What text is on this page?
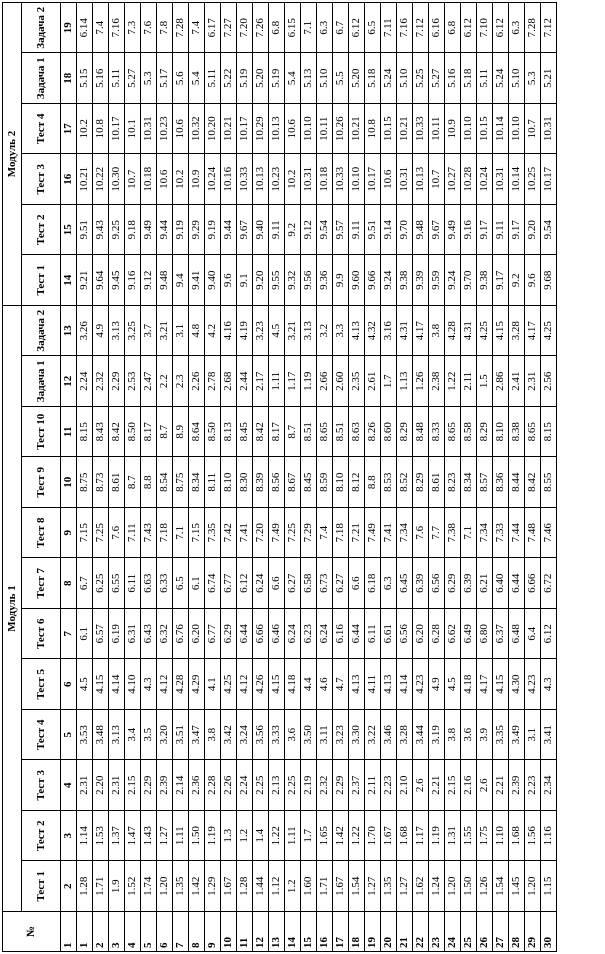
№	Модуль 1												Модуль 2					
	Тест 1	Тест 2	Тест 3	Тест 4	Тест 5	Тест 6	Тест 7	Тест 8	Тест 9	Тест 10	Задача 1	Задача 2	Тест 1	Тест 2	Тест 3	Тест 4	Задача 1	Задача 2
1	2	3	4	5	6	7	8	9	10	11	12	13	14	15	16	17	18	19
1	1.28	1.14	2.31	3.53	4.5	6.1	6.7	7.15	8.75	8.15	2.24	3.26	9.21	9.51	10.21	10.2	5.15	6.14
2	1.71	1.53	2.20	3.48	4.15	6.57	6.25	7.25	8.73	8.43	2.32	4.9	9.64	9.43	10.22	10.8	5.16	7.4
3	1.9	1.37	2.31	3.13	4.14	6.19	6.55	7.6	8.61	8.42	2.29	3.13	9.45	9.25	10.30	10.17	5.11	7.16
4	1.52	1.47	2.15	3.4	4.10	6.31	6.11	7.11	8.7	8.50	2.53	3.25	9.16	9.18	10.7	10.1	5.27	7.3
5	1.74	1.43	2.29	3.5	4.3	6.43	6.63	7.43	8.8	8.17	2.47	3.7	9.12	9.49	10.18	10.31	5.3	7.6
6	1.20	1.27	2.39	3.20	4.12	6.32	6.33	7.18	8.54	8.7	2.2	3.21	9.48	9.44	10.6	10.23	5.17	7.8
7	1.35	1.11	2.14	3.51	4.28	6.76	6.5	7.1	8.75	8.9	2.3	3.1	9.4	9.19	10.2	10.6	5.6	7.28
8	1.42	1.50	2.36	3.47	4.29	6.20	6.1	7.15	8.34	8.64	2.26	4.8	9.41	9.29	10.9	10.32	5.4	7.4
9	1.29	1.19	2.28	3.8	4.1	6.77	6.74	7.35	8.11	8.50	2.78	4.2	9.40	9.19	10.24	10.20	5.11	6.17
10	1.67	1.3	2.26	3.42	4.25	6.29	6.77	7.42	8.10	8.13	2.68	4.16	9.6	9.44	10.16	10.21	5.22	7.27
11	1.28	1.2	2.24	3.24	4.12	6.44	6.12	7.41	8.30	8.45	2.44	4.19	9.1	9.67	10.33	10.17	5.19	7.20
12	1.44	1.4	2.25	3.56	4.26	6.66	6.24	7.20	8.39	8.42	2.17	3.23	9.20	9.40	10.13	10.29	5.20	7.26
13	1.12	1.22	2.13	3.33	4.15	6.46	6.6	7.49	8.56	8.17	1.11	4.5	9.55	9.11	10.23	10.13	5.19	6.8
14	1.2	1.11	2.25	3.6	4.18	6.24	6.27	7.25	8.67	8.7	1.17	3.21	9.32	9.2	10.2	10.6	5.4	6.15
15	1.60	1.7	2.19	3.50	4.4	6.23	6.58	7.29	8.45	8.51	1.19	3.13	9.56	9.12	10.31	10.10	5.13	7.1
16	1.71	1.65	2.32	3.11	4.6	6.24	6.73	7.4	8.59	8.65	2.66	3.2	9.36	9.54	10.18	10.11	5.10	6.3
17	1.67	1.42	2.29	3.23	4.7	6.16	6.27	7.18	8.10	8.51	2.60	3.3	9.9	9.57	10.33	10.26	5.5	6.7
18	1.54	1.22	2.37	3.30	4.13	6.44	6.6	7.21	8.12	8.63	2.35	4.13	9.60	9.11	10.10	10.21	5.20	6.12
19	1.27	1.70	2.11	3.22	4.11	6.11	6.18	7.49	8.8	8.26	2.61	4.32	9.66	9.51	10.17	10.8	5.18	6.5
20	1.35	1.67	2.23	3.46	4.13	6.61	6.3	7.41	8.53	8.60	1.7	3.16	9.24	9.14	10.6	10.15	5.24	7.11
21	1.27	1.68	2.10	3.28	4.14	6.56	6.45	7.34	8.52	8.29	1.13	4.31	9.38	9.70	10.31	10.21	5.10	7.16
22	1.62	1.17	2.6	3.44	4.23	6.20	6.39	7.6	8.29	8.48	1.26	4.17	9.39	9.48	10.13	10.33	5.25	7.12
23	1.24	1.19	2.21	3.19	4.9	6.28	6.56	7.7	8.61	8.33	2.38	3.8	9.59	9.67	10.7	10.11	5.27	6.16
24	1.20	1.31	2.15	3.8	4.5	6.62	6.29	7.38	8.23	8.65	1.22	4.28	9.24	9.49	10.27	10.9	5.16	6.8
25	1.50	1.55	2.16	3.6	4.18	6.49	6.39	7.1	8.34	8.58	2.11	4.31	9.70	9.16	10.28	10.10	5.18	6.12
26	1.26	1.75	2.6	3.9	4.17	6.80	6.21	7.34	8.57	8.29	1.5	4.25	9.38	9.17	10.24	10.15	5.11	7.10
27	1.54	1.10	2.21	3.35	4.15	6.37	6.40	7.33	8.36	8.10	2.86	4.15	9.17	9.11	10.31	10.14	5.24	6.12
28	1.45	1.68	2.39	3.49	4.30	6.48	6.44	7.44	8.44	8.38	2.41	3.28	9.2	9.17	10.14	10.10	5.10	6.3
29	1.20	1.56	2.23	3.1	4.23	6.4	6.66	7.48	8.42	8.65	2.31	4.17	9.6	9.20	10.25	10.7	5.3	7.28
30	1.15	1.16	2.34	3.41	4.3	6.12	6.72	7.46	8.55	8.15	2.56	4.25	9.68	9.54	10.17	10.31	5.21	7.12
